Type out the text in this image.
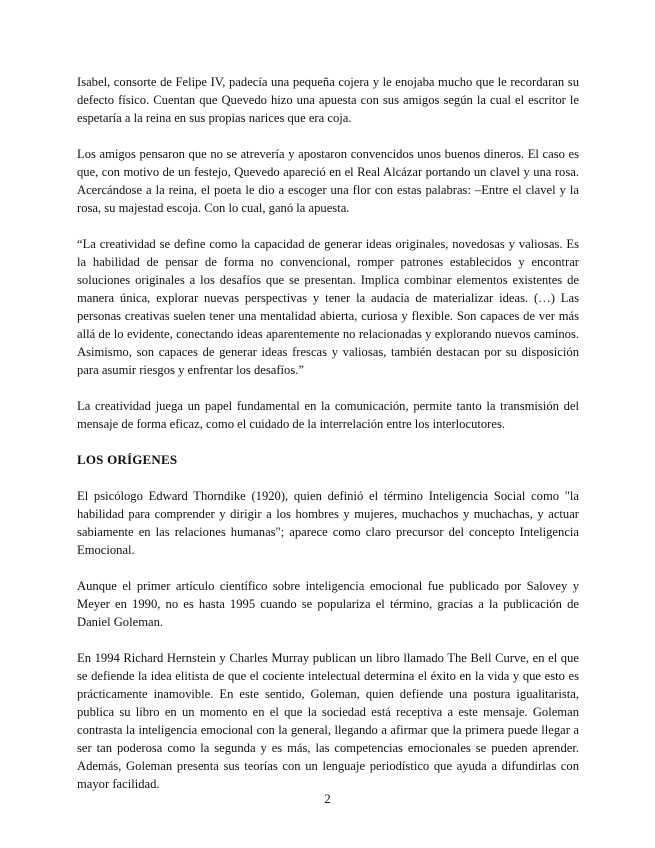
Isabel, consorte de Felipe IV, padecía una pequeña cojera y le enojaba mucho que le recordaran su defecto físico. Cuentan que Quevedo hizo una apuesta con sus amigos según la cual el escritor le espetaría a la reina en sus propias narices que era coja.

Los amigos pensaron que no se atrevería y apostaron convencidos unos buenos dineros. El caso es que, con motivo de un festejo, Quevedo apareció en el Real Alcázar portando un clavel y una rosa. Acercándose a la reina, el poeta le dio a escoger una flor con estas palabras: –Entre el clavel y la rosa, su majestad escoja. Con lo cual, ganó la apuesta.

“La creatividad se define como la capacidad de generar ideas originales, novedosas y valiosas. Es la habilidad de pensar de forma no convencional, romper patrones establecidos y encontrar soluciones originales a los desafíos que se presentan. Implica combinar elementos existentes de manera única, explorar nuevas perspectivas y tener la audacia de materializar ideas. (…) Las personas creativas suelen tener una mentalidad abierta, curiosa y flexible. Son capaces de ver más allá de lo evidente, conectando ideas aparentemente no relacionadas y explorando nuevos caminos. Asimismo, son capaces de generar ideas frescas y valiosas, también destacan por su disposición para asumir riesgos y enfrentar los desafíos.”

La creatividad juega un papel fundamental en la comunicación, permite tanto la transmisión del mensaje de forma eficaz, como el cuidado de la interrelación entre los interlocutores.

LOS ORÍGENES

El psicólogo Edward Thorndike (1920), quien definió el término Inteligencia Social como "la habilidad para comprender y dirigir a los hombres y mujeres, muchachos y muchachas, y actuar sabiamente en las relaciones humanas"; aparece como claro precursor del concepto Inteligencia Emocional.

Aunque el primer artículo científico sobre inteligencia emocional fue publicado por Salovey y Meyer en 1990, no es hasta 1995 cuando se populariza el término, gracias a la publicación de Daniel Goleman.

En 1994 Richard Hernstein y Charles Murray publican un libro llamado The Bell Curve, en el que se defiende la idea elitista de que el cociente intelectual determina el éxito en la vida y que esto es prácticamente inamovible. En este sentido, Goleman, quien defiende una postura igualitarista, publica su libro en un momento en el que la sociedad está receptiva a este mensaje. Goleman contrasta la inteligencia emocional con la general, llegando a afirmar que la primera puede llegar a ser tan poderosa como la segunda y es más, las competencias emocionales se pueden aprender. Además, Goleman presenta sus teorías con un lenguaje periodístico que ayuda a difundirlas con mayor facilidad.

2
